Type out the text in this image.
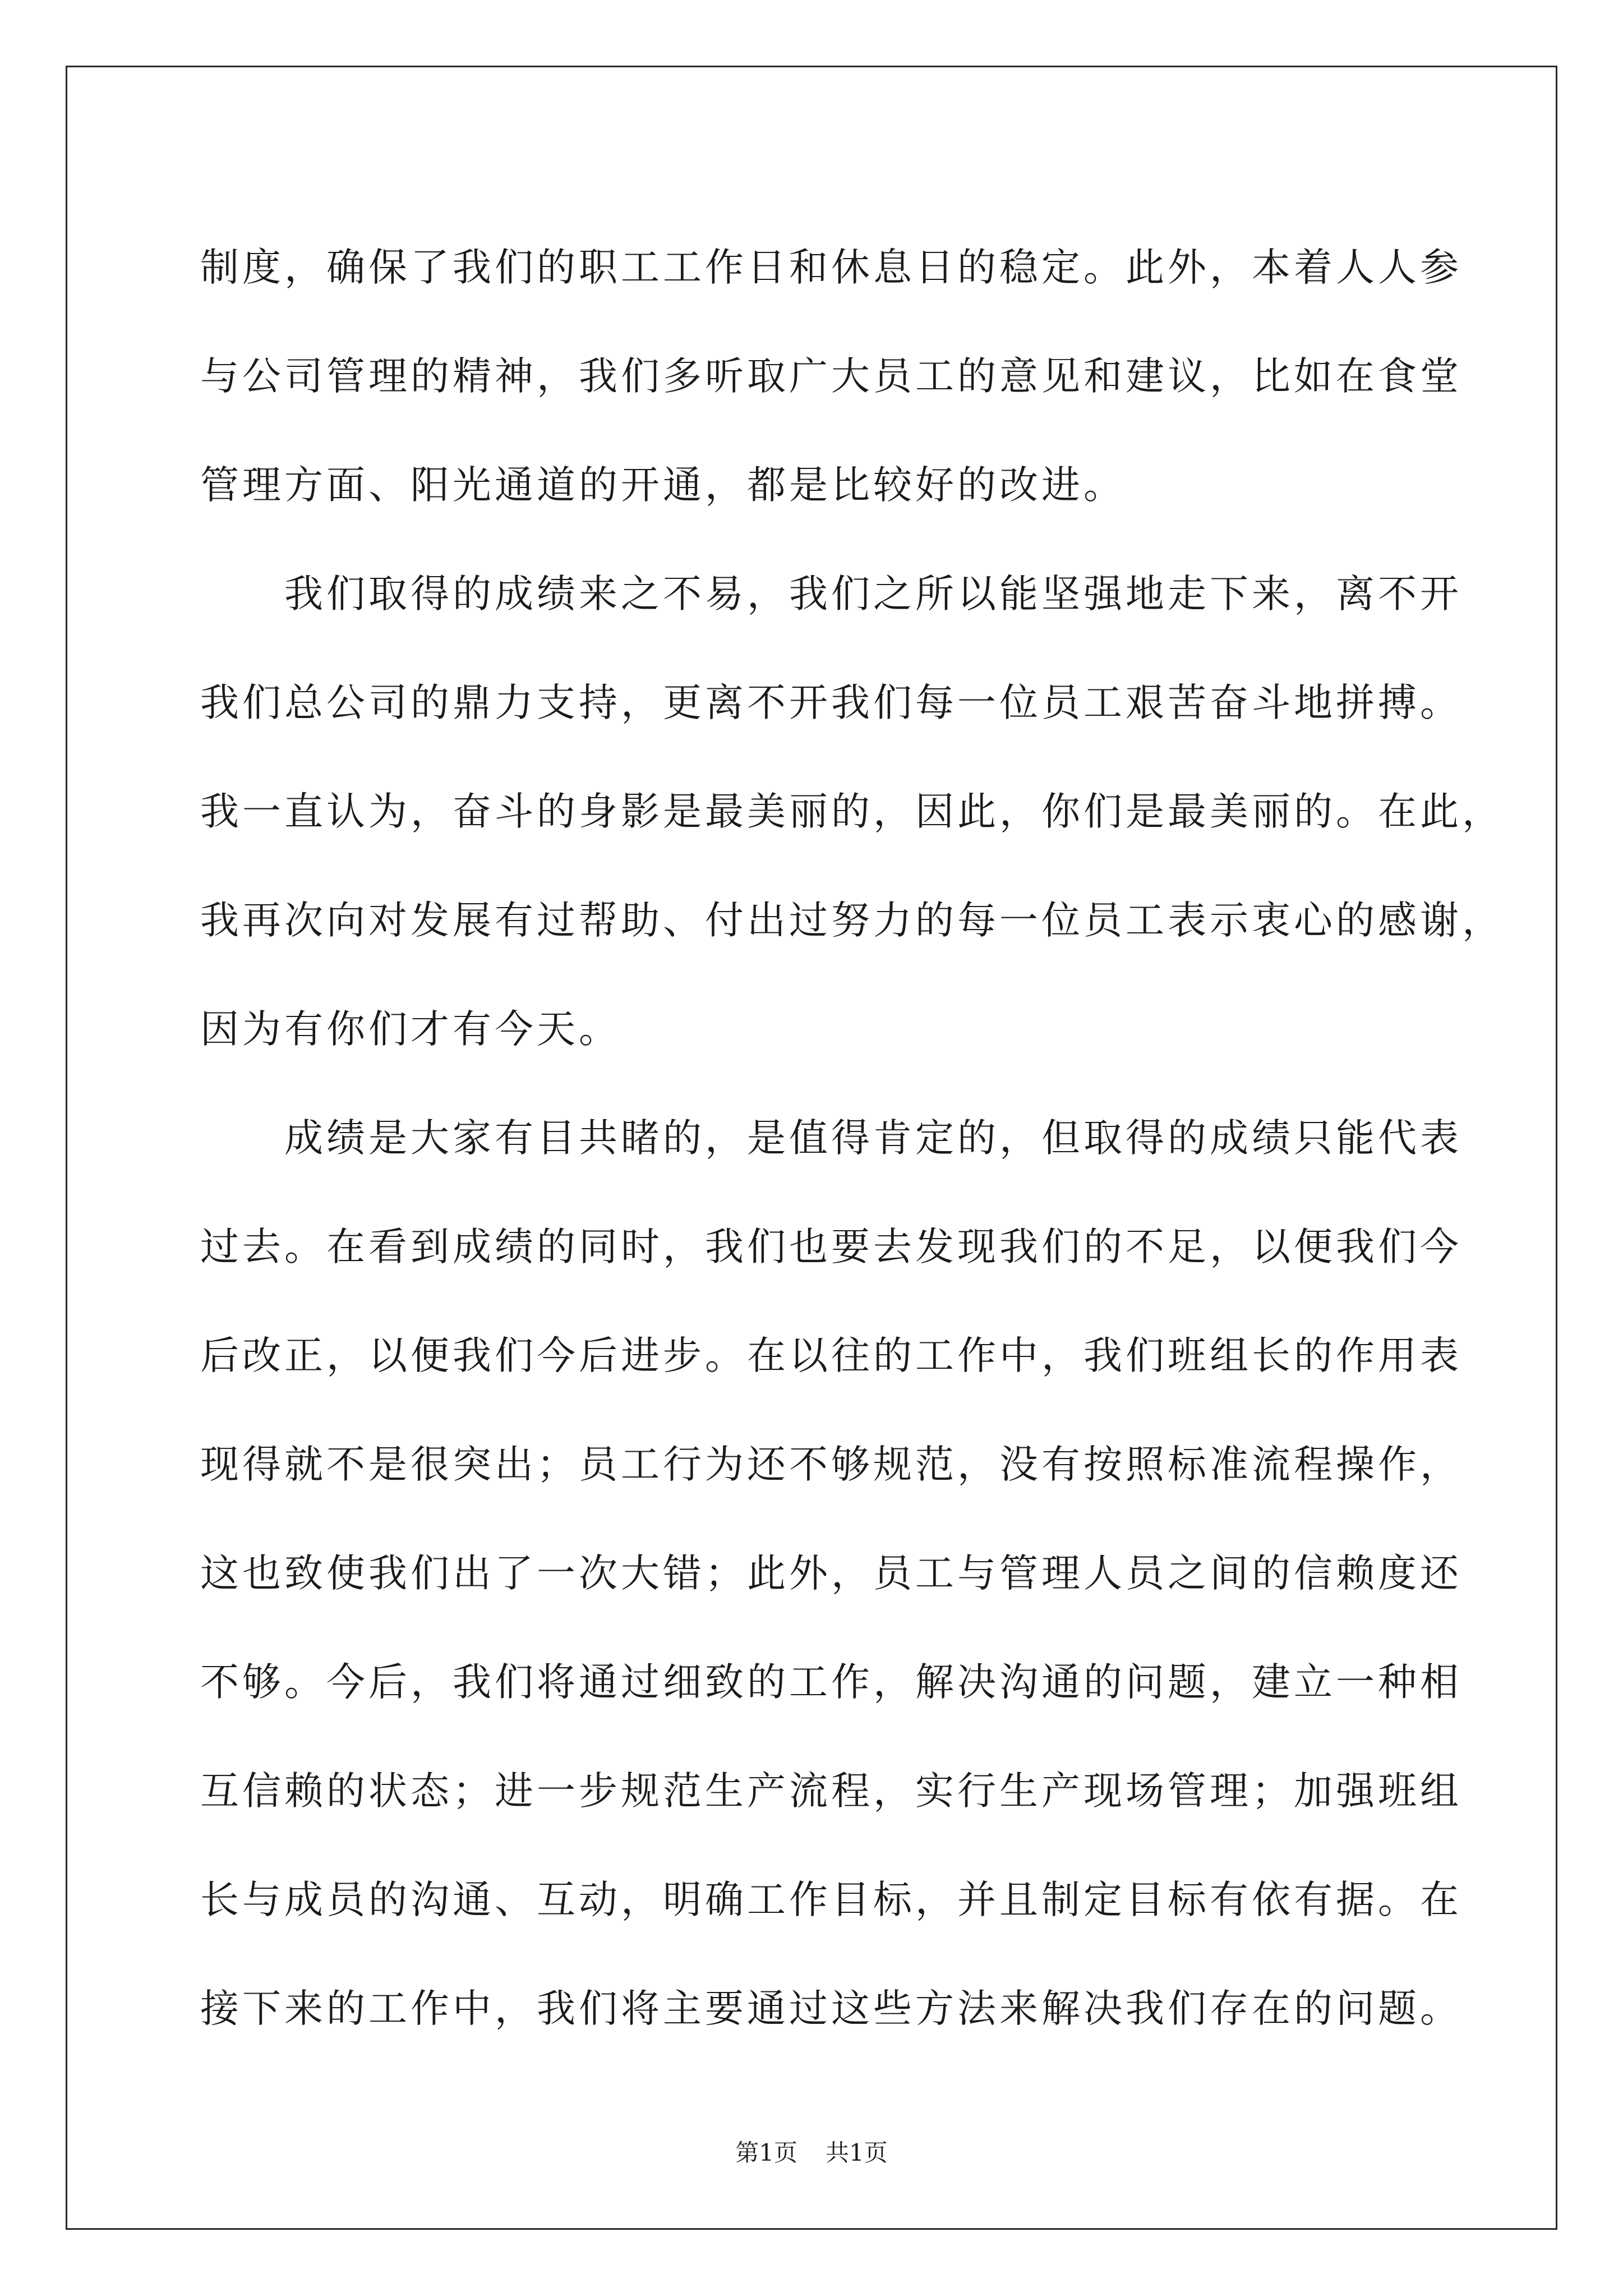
制度，确保了我们的职工工作日和休息日的稳定。此外，本着人人参
与公司管理的精神，我们多听取广大员工的意见和建议，比如在食堂
管理方面、阳光通道的开通，都是比较好的改进。
　　我们取得的成绩来之不易，我们之所以能坚强地走下来，离不开
我们总公司的鼎力支持，更离不开我们每一位员工艰苦奋斗地拼搏。
我一直认为，奋斗的身影是最美丽的，因此，你们是最美丽的。在此，
我再次向对发展有过帮助、付出过努力的每一位员工表示衷心的感谢，
因为有你们才有今天。
　　成绩是大家有目共睹的，是值得肯定的，但取得的成绩只能代表
过去。在看到成绩的同时，我们也要去发现我们的不足，以便我们今
后改正，以便我们今后进步。在以往的工作中，我们班组长的作用表
现得就不是很突出；员工行为还不够规范，没有按照标准流程操作，
这也致使我们出了一次大错；此外，员工与管理人员之间的信赖度还
不够。今后，我们将通过细致的工作，解决沟通的问题，建立一种相
互信赖的状态；进一步规范生产流程，实行生产现场管理；加强班组
长与成员的沟通、互动，明确工作目标，并且制定目标有依有据。在
接下来的工作中，我们将主要通过这些方法来解决我们存在的问题。
第1页 共1页
